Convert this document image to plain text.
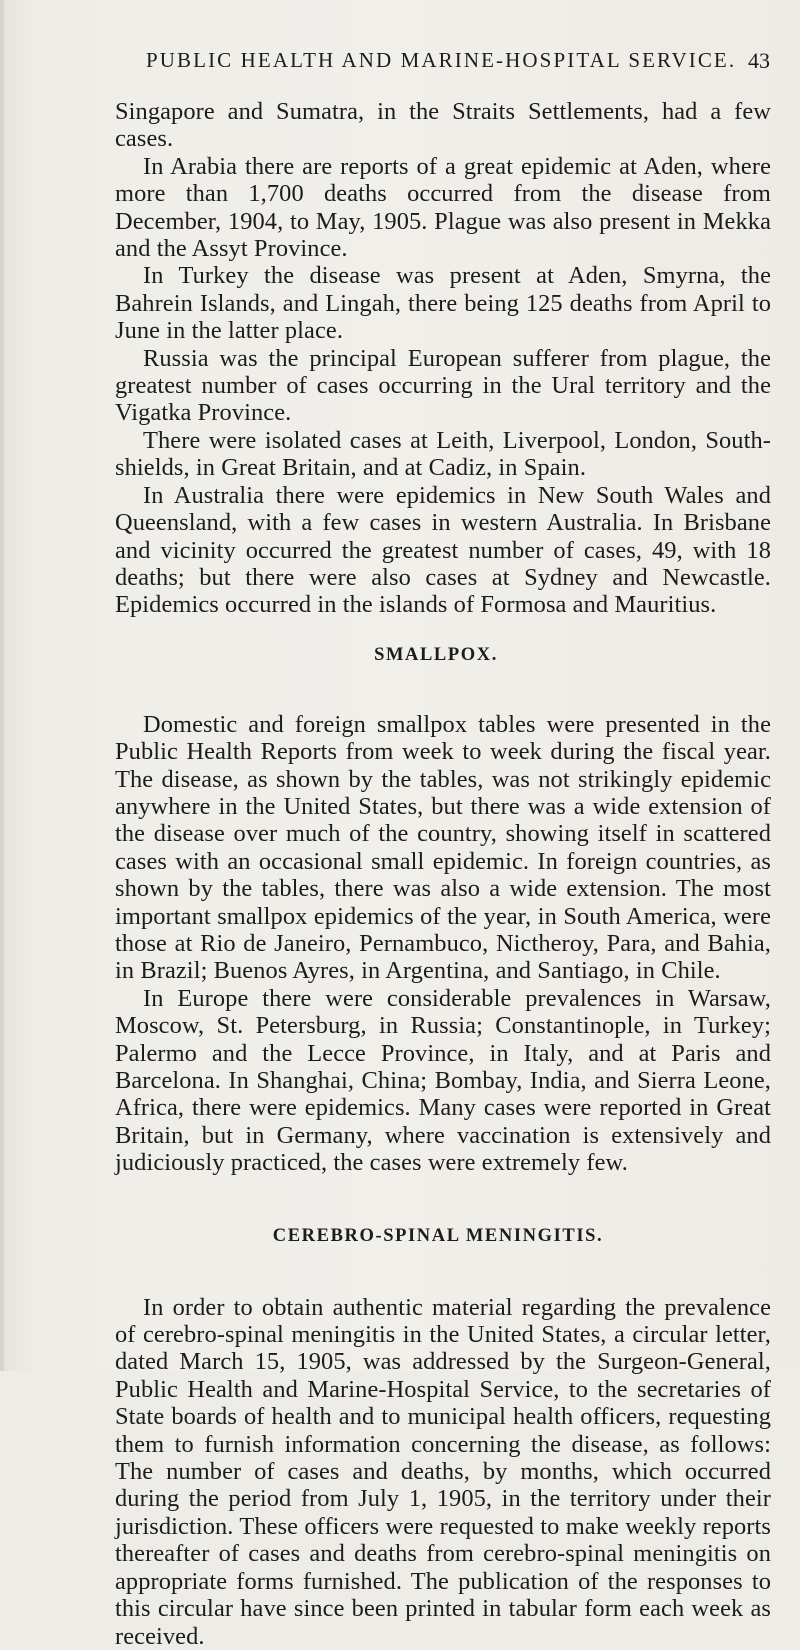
PUBLIC HEALTH AND MARINE-HOSPITAL SERVICE. 43

Singapore and Sumatra, in the Straits Settlements, had a few cases.

In Arabia there are reports of a great epidemic at Aden, where more than 1,700 deaths occurred from the disease from December, 1904, to May, 1905. Plague was also present in Mekka and the Assyt Province.

In Turkey the disease was present at Aden, Smyrna, the Bahrein Islands, and Lingah, there being 125 deaths from April to June in the latter place.

Russia was the principal European sufferer from plague, the greatest number of cases occurring in the Ural territory and the Vigatka Province.

There were isolated cases at Leith, Liverpool, London, South-shields, in Great Britain, and at Cadiz, in Spain.

In Australia there were epidemics in New South Wales and Queensland, with a few cases in western Australia. In Brisbane and vicinity occurred the greatest number of cases, 49, with 18 deaths; but there were also cases at Sydney and Newcastle. Epidemics occurred in the islands of Formosa and Mauritius.

SMALLPOX.

Domestic and foreign smallpox tables were presented in the Public Health Reports from week to week during the fiscal year. The disease, as shown by the tables, was not strikingly epidemic anywhere in the United States, but there was a wide extension of the disease over much of the country, showing itself in scattered cases with an occasional small epidemic. In foreign countries, as shown by the tables, there was also a wide extension. The most important smallpox epidemics of the year, in South America, were those at Rio de Janeiro, Pernambuco, Nictheroy, Para, and Bahia, in Brazil; Buenos Ayres, in Argentina, and Santiago, in Chile.

In Europe there were considerable prevalences in Warsaw, Moscow, St. Petersburg, in Russia; Constantinople, in Turkey; Palermo and the Lecce Province, in Italy, and at Paris and Barcelona. In Shanghai, China; Bombay, India, and Sierra Leone, Africa, there were epidemics. Many cases were reported in Great Britain, but in Germany, where vaccination is extensively and judiciously practiced, the cases were extremely few.

CEREBRO-SPINAL MENINGITIS.

In order to obtain authentic material regarding the prevalence of cerebro-spinal meningitis in the United States, a circular letter, dated March 15, 1905, was addressed by the Surgeon-General, Public Health and Marine-Hospital Service, to the secretaries of State boards of health and to municipal health officers, requesting them to furnish information concerning the disease, as follows: The number of cases and deaths, by months, which occurred during the period from July 1, 1905, in the territory under their jurisdiction. These officers were requested to make weekly reports thereafter of cases and deaths from cerebro-spinal meningitis on appropriate forms furnished. The publication of the responses to this circular have since been printed in tabular form each week as received.
